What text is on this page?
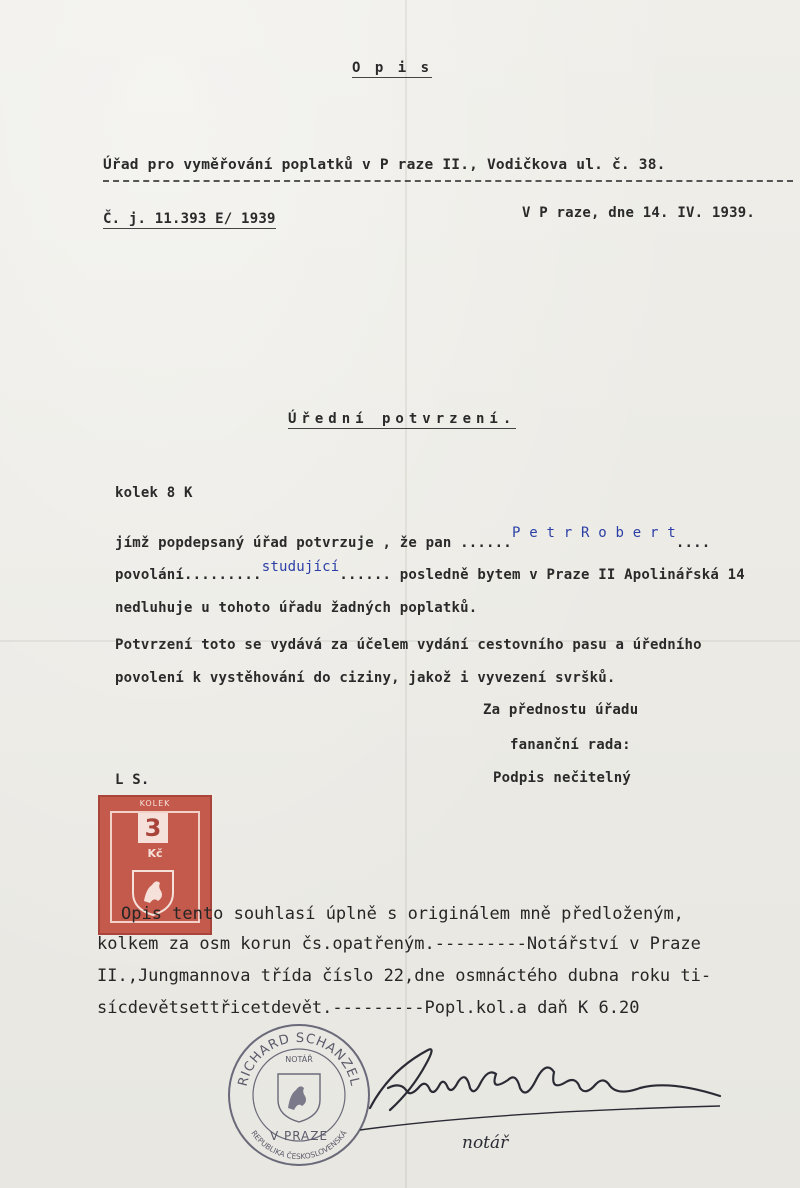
O p i s
Úřad pro vyměřování poplatků v P raze II., Vodičkova ul. č. 38.
Č. j. 11.393 E/ 1939	V P raze, dne 14. IV. 1939.
Úřední potvrzení.
kolek 8 K
jímž popdepsaný úřad potvrzuje , že pan ......P e t r R o b e r t....
povolání.........studující...... posledně bytem v Praze II Apolinářská 14
nedluhuje u tohoto úřadu žadných poplatků.
Potvrzení toto se vydává za účelem vydání cestovního pasu a úředního
povolení k vystěhování do ciziny, jakož i vyvezení svršků.
Za přednostu úřadu
fananční rada:
Podpis nečitelný
L S.
KOLEK
3
Kč
Opis tento souhlasí úplně s originálem mně předloženým,
kolkem za osm korun čs.opatřeným.---------Notářství v Praze
II.,Jungmannova třída číslo 22,dne osmnáctého dubna roku ti-
sícdevětsettřicetdevět.---------Popl.kol.a daň K 6.20
RICHARD SCHANZEL
REPUBLIKA ČESKOSLOVENSKÁ
NOTÁŘ
V PRAZE	notář
